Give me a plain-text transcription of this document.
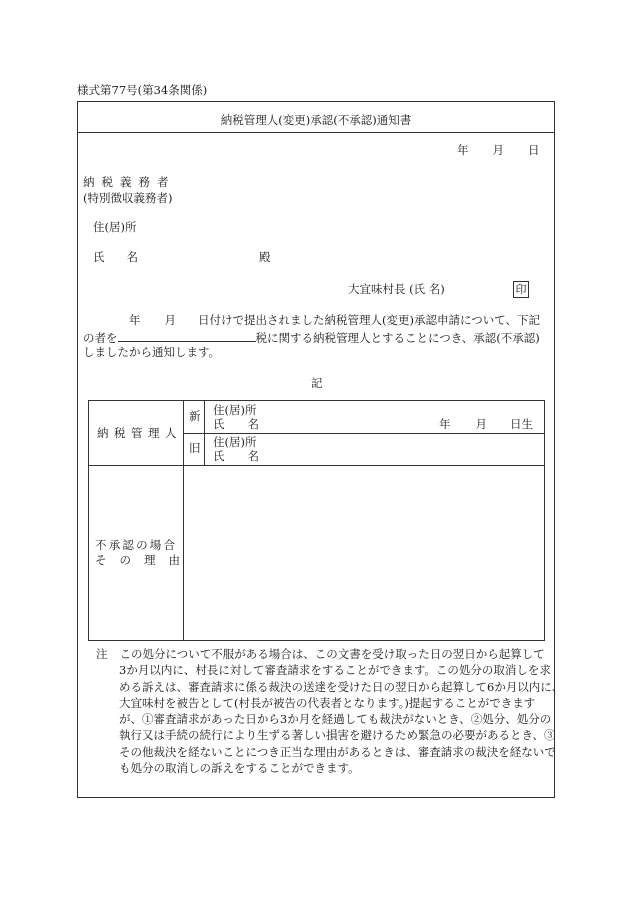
様式第77号(第34条関係)
納税管理人(変更)承認(不承認)通知書
年 月 日
納税義務者
(特別徴収義務者)
住(居)所
氏 名	殿
大宜味村長 (氏 名)	印
年 月 日付けで提出されました納税管理人(変更)承認申請について、下記
の者を	税に関する納税管理人とすることにつき、承認(不承認)
しましたから通知します。
記
納税管理人
新 住(居)所
氏　　名	年 月 日生
旧 住(居)所
氏　　名
不承認の場合
その理由
注 この処分について不服がある場合は、この文書を受け取った日の翌日から起算して
3か月以内に、村長に対して審査請求をすることができます。この処分の取消しを求
める訴えは、審査請求に係る裁決の送達を受けた日の翌日から起算して6か月以内に、
大宜味村を被告として(村長が被告の代表者となります。)提起することができます
が、①審査請求があった日から3か月を経過しても裁決がないとき、②処分、処分の
執行又は手続の続行により生ずる著しい損害を避けるため緊急の必要があるとき、③
その他裁決を経ないことにつき正当な理由があるときは、審査請求の裁決を経ないで
も処分の取消しの訴えをすることができます。
